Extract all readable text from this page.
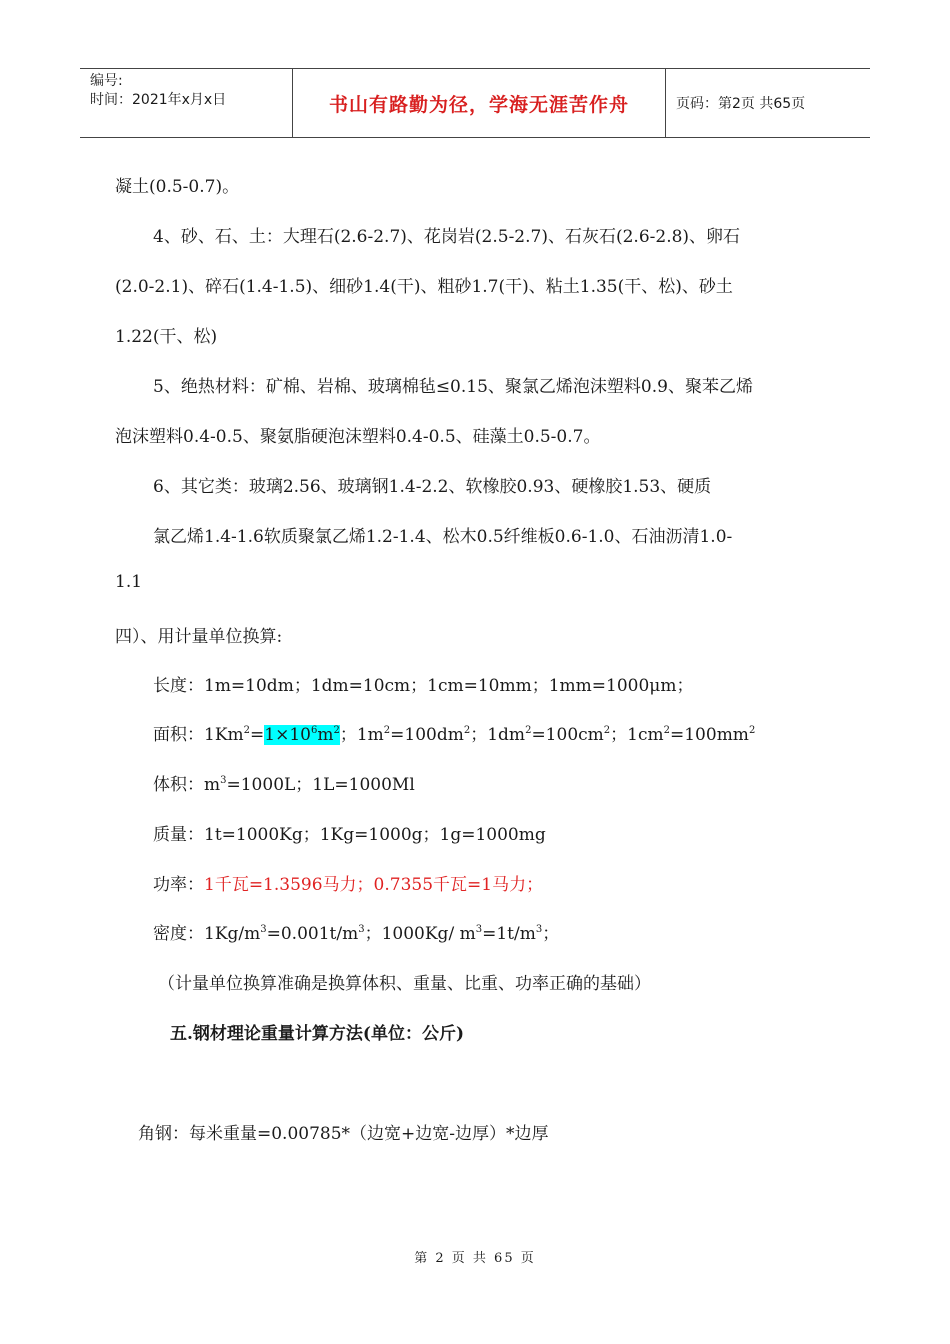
编号:
时间：2021年x月x日	书山有路勤为径，学海无涯苦作舟	页码：第2页 共65页
凝土(0.5-0.7)。
4、砂、石、土：大理石(2.6-2.7)、花岗岩(2.5-2.7)、石灰石(2.6-2.8)、卵石
(2.0-2.1)、碎石(1.4-1.5)、细砂1.4(干)、粗砂1.7(干)、粘土1.35(干、松)、砂土
1.22(干、松)
5、绝热材料：矿棉、岩棉、玻璃棉毡≤0.15、聚氯乙烯泡沫塑料0.9、聚苯乙烯
泡沫塑料0.4-0.5、聚氨脂硬泡沫塑料0.4-0.5、硅藻土0.5-0.7。
6、其它类：玻璃2.56、玻璃钢1.4-2.2、软橡胶0.93、硬橡胶1.53、硬质
氯乙烯1.4-1.6软质聚氯乙烯1.2-1.4、松木0.5纤维板0.6-1.0、石油沥清1.0-
1.1
四）、用计量单位换算:
长度：1m=10dm；1dm=10cm；1cm=10mm；1mm=1000μm；
面积：$1Km^2=1\times 10^6m^2$；$1m^2=100dm^2$；$1dm^2=100cm^2$；$1cm^2=100mm^2$
体积：$m^3=1000L$；1L=1000Ml
质量：1t=1000Kg；1Kg=1000g；1g=1000mg
功率：1千瓦=1.3596马力；0.7355千瓦=1马力；
密度：$1Kg/m^3=0.001t/m^3$；1000Kg/ $m^3=1t/m^3$；
（计量单位换算准确是换算体积、重量、比重、功率正确的基础）
五.钢材理论重量计算方法(单位：公斤)
角钢：每米重量=0.00785*（边宽+边宽-边厚）*边厚
第 2 页 共 65 页
